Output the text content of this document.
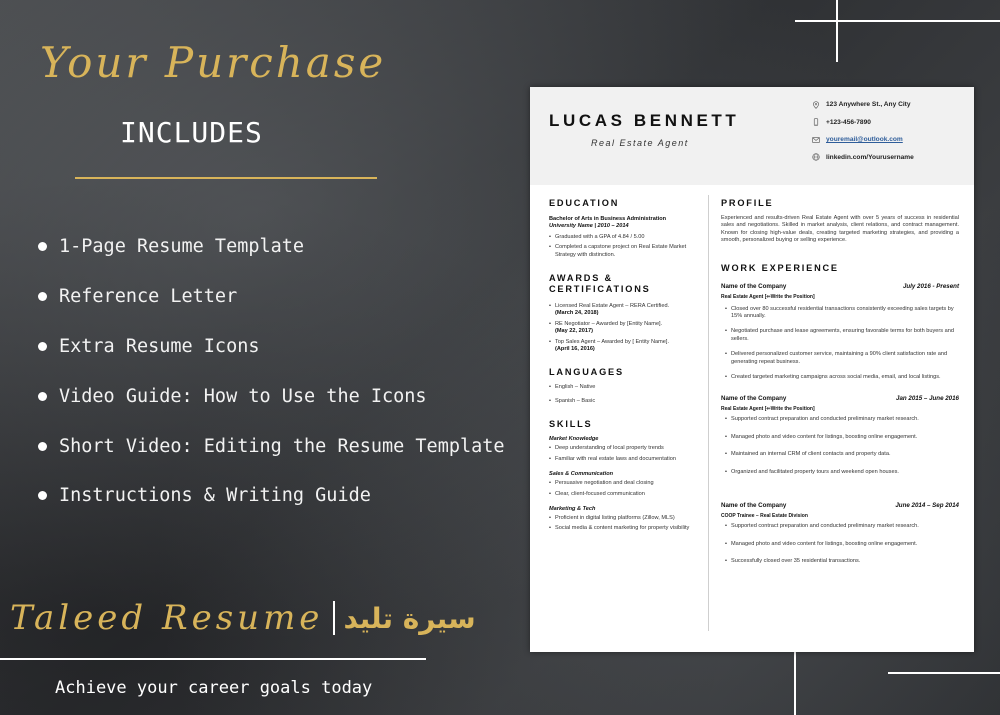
Your Purchase
INCLUDES
1-Page Resume Template
Reference Letter
Extra Resume Icons
Video Guide: How to Use the Icons
Short Video: Editing the Resume Template
Instructions & Writing Guide
Taleed Resume سيرة تليد
Achieve your career goals today
LUCAS BENNETT
Real Estate Agent
123 Anywhere St., Any City
+123-456-7890
youremail@outlook.com
linkedin.com/Yourusername
EDUCATION
Bachelor of Arts in Business Administration
University Name | 2010 – 2014
• Graduated with a GPA of 4.84 / 5.00
• Completed a capstone project on Real Estate Market Strategy with distinction.
AWARDS &
CERTIFICATIONS
• Licensed Real Estate Agent – RERA Certified.
(March 24, 2018)
• RE Negotiator – Awarded by [Entity Name].
(May 22, 2017)
• Top Sales Agent – Awarded by [ Entity Name].
(April 16, 2016)
LANGUAGES
• English – Native
• Spanish – Basic
SKILLS
Market Knowledge
• Deep understanding of local property trends
• Familiar with real estate laws and documentation
Sales & Communication
• Persuasive negotiation and deal closing
• Clear, client-focused communication
Marketing & Tech
• Proficient in digital listing platforms (Zillow, MLS)
• Social media & content marketing for property visibility
PROFILE
Experienced and results-driven Real Estate Agent with over 5 years of success in residential sales and negotiations. Skilled in market analysis, client relations, and contract management. Known for closing high-value deals, creating targeted marketing strategies, and providing a smooth, personalized buying or selling experience.
WORK EXPERIENCE
Name of the Company	July 2016 - Present
Real Estate Agent [⇐Write the Position]
• Closed over 80 successful residential transactions consistently exceeding sales targets by 15% annually.
• Negotiated purchase and lease agreements, ensuring favorable terms for both buyers and sellers.
• Delivered personalized customer service, maintaining a 90% client satisfaction rate and generating repeat business.
• Created targeted marketing campaigns across social media, email, and local listings.
Name of the Company	Jan 2015 – June 2016
Real Estate Agent [⇐Write the Position]
• Supported contract preparation and conducted preliminary market research.
• Managed photo and video content for listings, boosting online engagement.
• Maintained an internal CRM of client contacts and property data.
• Organized and facilitated property tours and weekend open houses.
Name of the Company	June 2014 – Sep 2014
COOP Trainee – Real Estate Division
• Supported contract preparation and conducted preliminary market research.
• Managed photo and video content for listings, boosting online engagement.
• Successfully closed over 35 residential transactions.
